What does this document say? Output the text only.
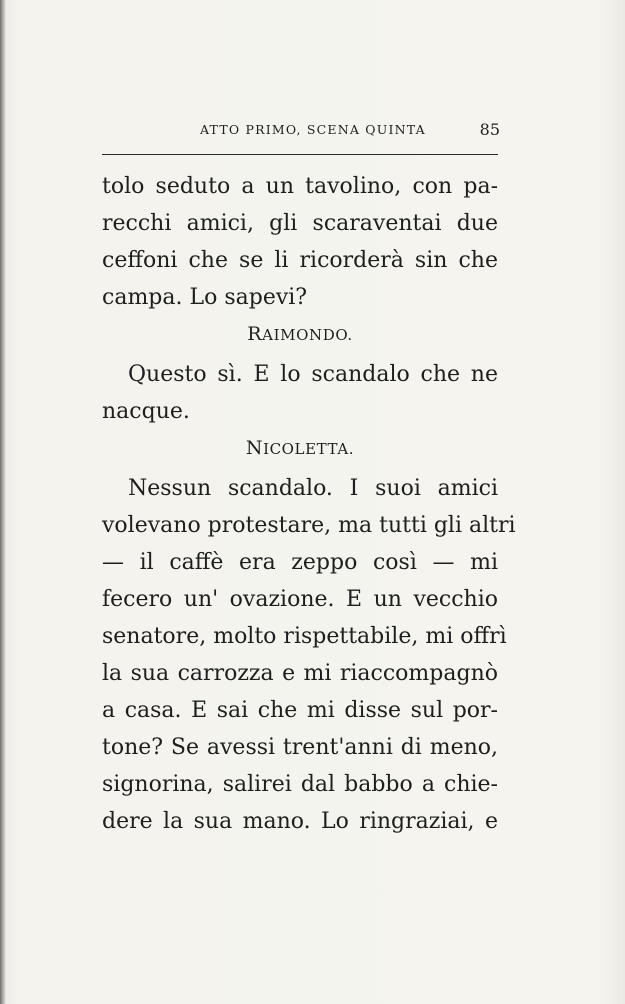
ATTO PRIMO, SCENA QUINTA	85
tolo seduto a un tavolino, con pa-
recchi amici, gli scaraventai due
ceffoni che se li ricorderà sin che
campa. Lo sapevi?
RAIMONDO.
Questo sì. E lo scandalo che ne
nacque.
NICOLETTA.
Nessun scandalo. I suoi amici
volevano protestare, ma tutti gli altri
— il caffè era zeppo così — mi
fecero un' ovazione. E un vecchio
senatore, molto rispettabile, mi offrì
la sua carrozza e mi riaccompagnò
a casa. E sai che mi disse sul por-
tone? Se avessi trent'anni di meno,
signorina, salirei dal babbo a chie-
dere la sua mano. Lo ringraziai, e
